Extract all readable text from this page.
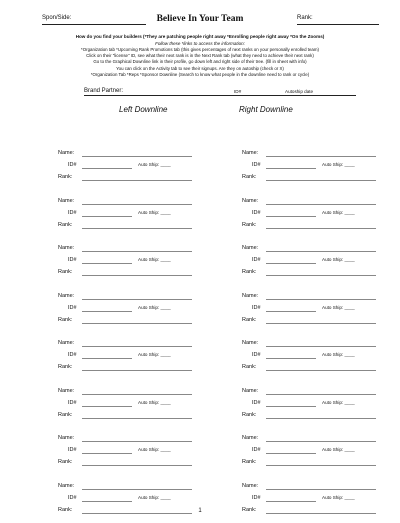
Spon/Side:	Believe In Your Team	Rank:
How do you find your builders (*They are patching people right away *Enrolling people right away *On the Zooms)
Follow these *links to access the information:
*Organization tab *Upcoming Rank Promotions tab (this gives percentages of next ranks on your personally enrolled team)
Click on their "license" ID, see what their next rank is in the Next Rank tab (what they need to achieve their next rank)
Go to the Graphical Downline link in their profile, go down left and right side of their tree. (fill in sheet with info)
You can click on the Activity tab to see their signups. Are they on autoship (check or X)
*Organization Tab *Reps *Sponsor Downline (Search to know what people in the downline need to rank or cycle)
Brand Partner:	ID#	Autoship date
Left Downline	Right Downline
Name:
ID#	Auto Ship: ____
Rank:
Name:
ID#	Auto Ship: ____
Rank:
Name:
ID#	Auto Ship: ____
Rank:
Name:
ID#	Auto Ship: ____
Rank:
Name:
ID#	Auto Ship: ____
Rank:
Name:
ID#	Auto Ship: ____
Rank:
Name:
ID#	Auto Ship: ____
Rank:
Name:
ID#	Auto Ship: ____
Rank:
Name:
ID#	Auto Ship: ____
Rank:
Name:
ID#	Auto Ship: ____
Rank:
Name:
ID#	Auto Ship: ____
Rank:
Name:
ID#	Auto Ship: ____
Rank:
Name:
ID#	Auto Ship: ____
Rank:
Name:
ID#	Auto Ship: ____
Rank:
Name:
ID#	Auto Ship: ____
Rank:
Name:
ID#	Auto Ship: ____
Rank:
1
